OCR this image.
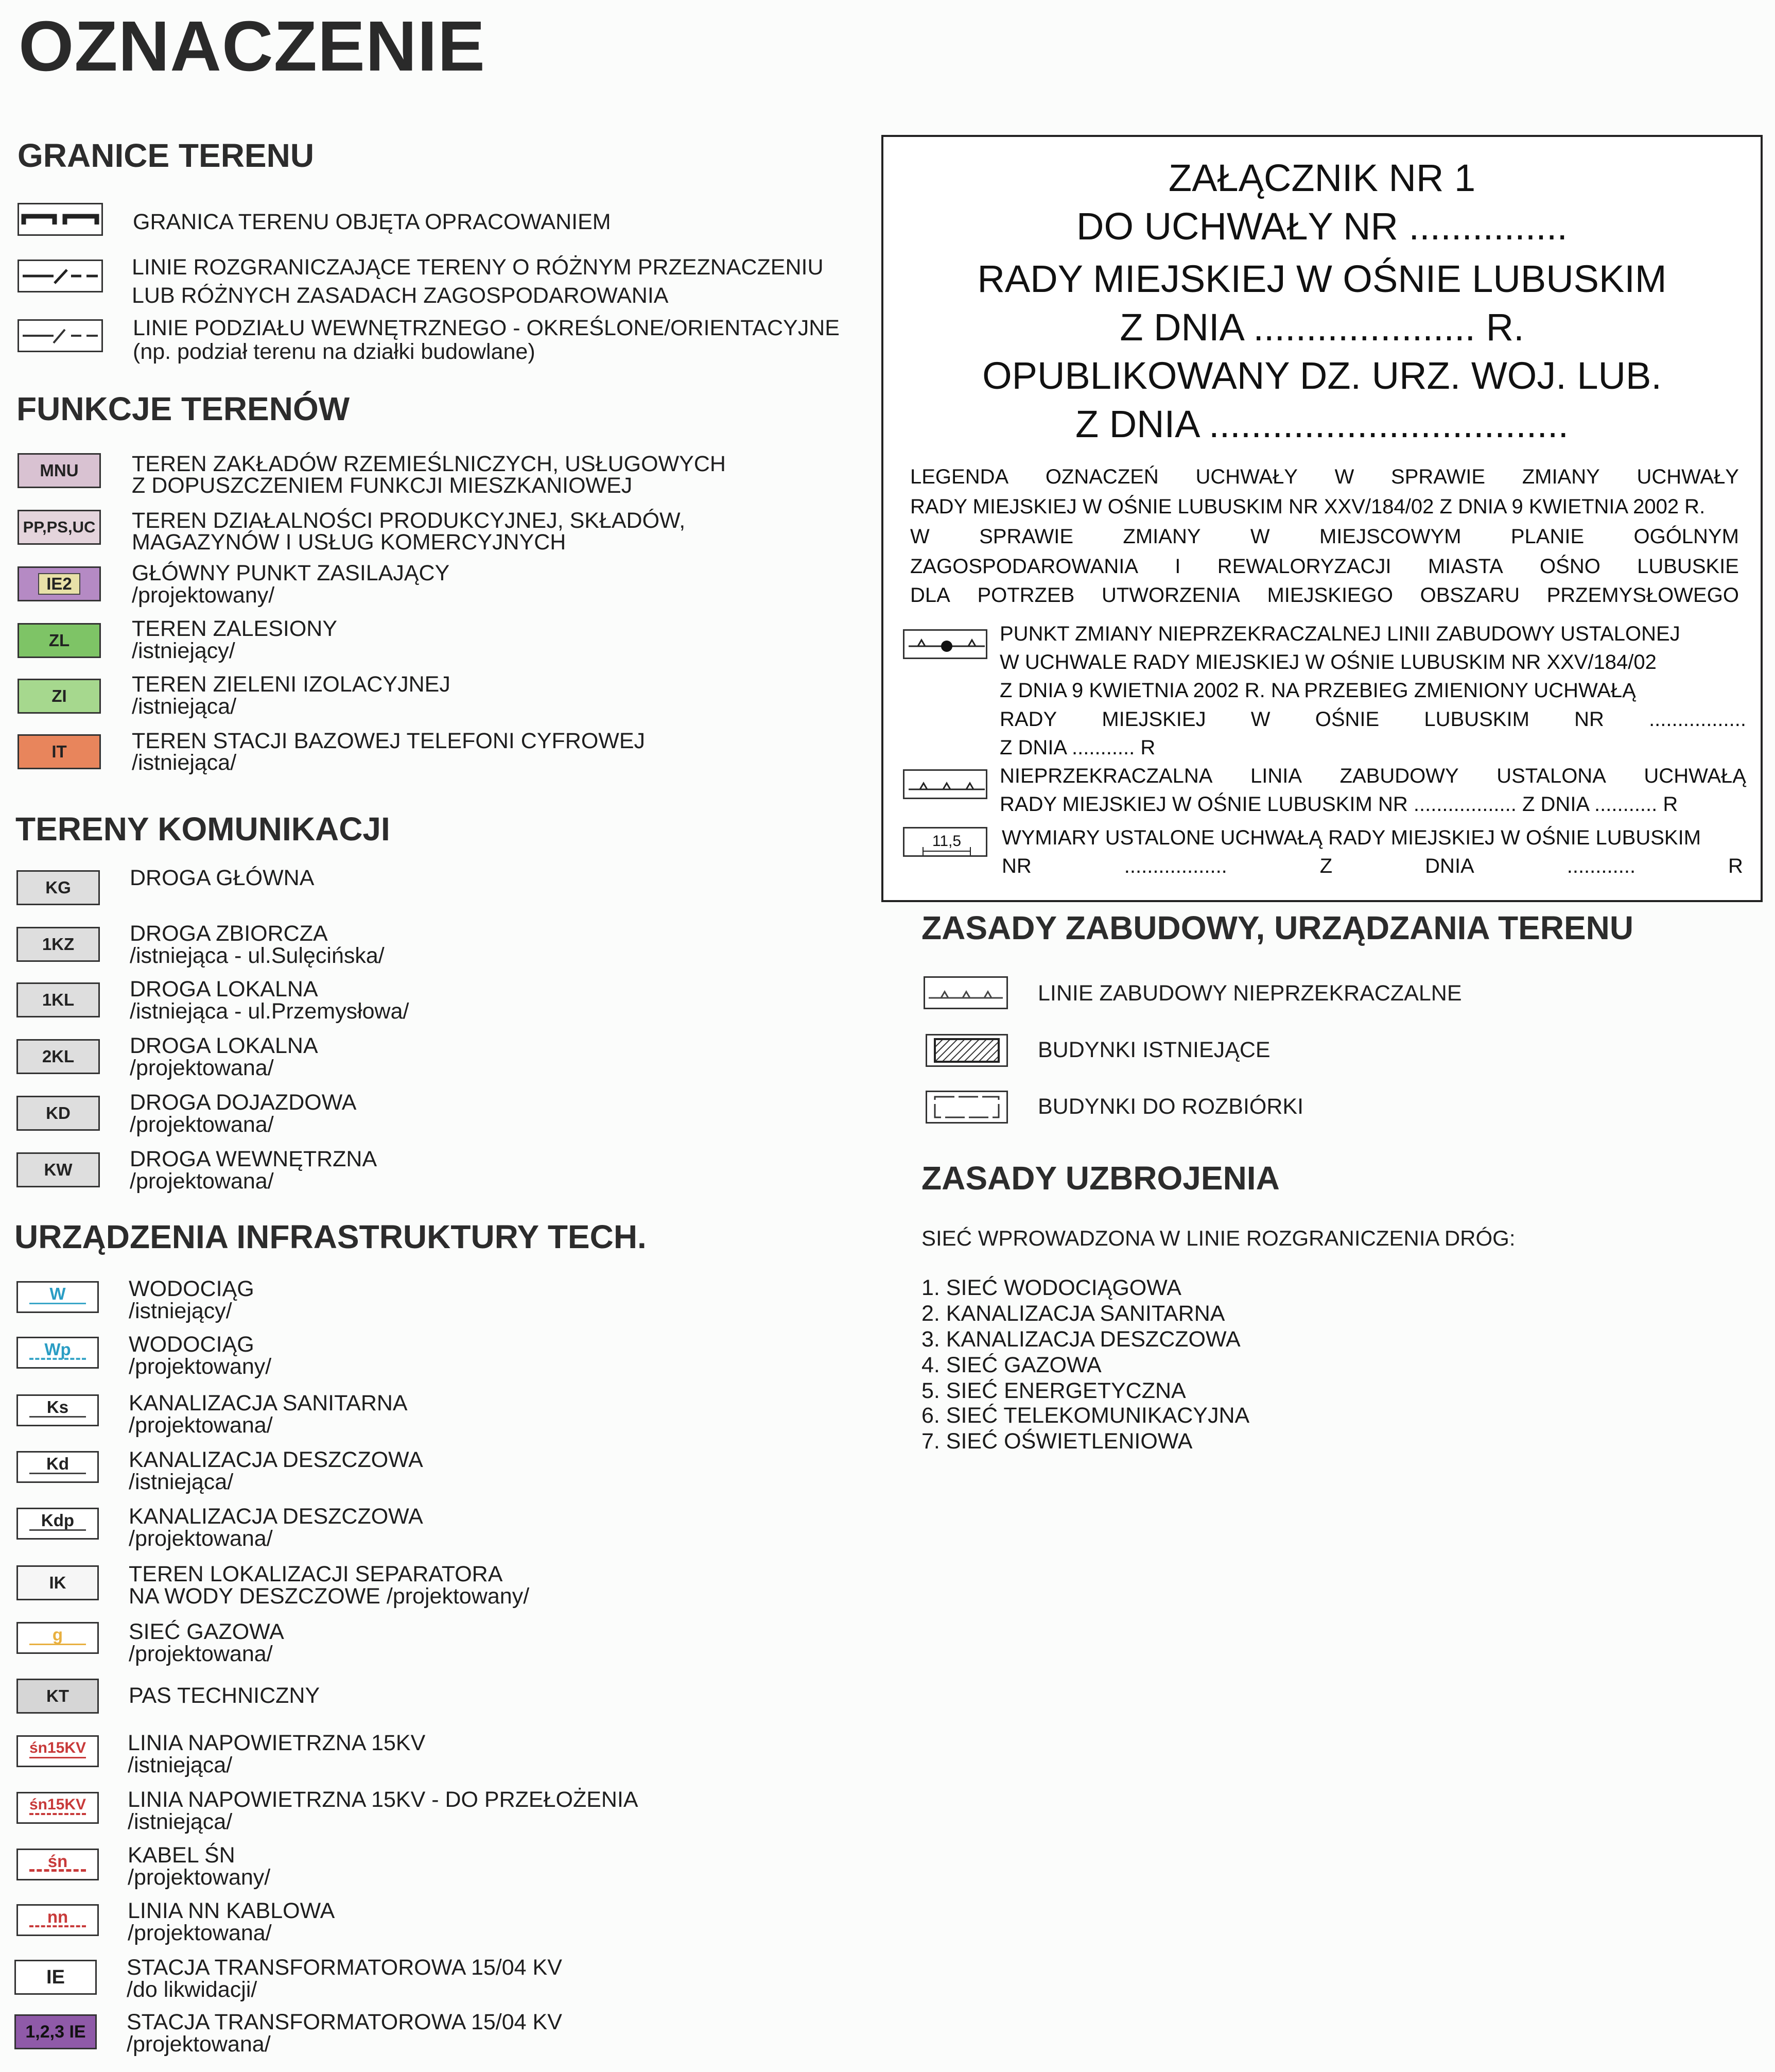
OZNACZENIE
GRANICE TERENU
GRANICA TERENU OBJĘTA OPRACOWANIEM
LINIE ROZGRANICZAJĄCE TERENY O RÓŻNYM PRZEZNACZENIU
LUB RÓŻNYCH ZASADACH ZAGOSPODAROWANIA
LINIE PODZIAŁU WEWNĘTRZNEGO - OKREŚLONE/ORIENTACYJNE
(np. podział terenu na działki budowlane)
FUNKCJE TERENÓW
MNU TEREN ZAKŁADÓW RZEMIEŚLNICZYCH, USŁUGOWYCH
Z DOPUSZCZENIEM FUNKCJI MIESZKANIOWEJ
PP,PS,UC TEREN DZIAŁALNOŚCI PRODUKCYJNEJ, SKŁADÓW,
MAGAZYNÓW I USŁUG KOMERCYJNYCH
IE2	GŁÓWNY PUNKT ZASILAJĄCY
/projektowany/
ZL	TEREN ZALESIONY
/istniejący/
ZI	TEREN ZIELENI IZOLACYJNEJ
/istniejąca/
IT	TEREN STACJI BAZOWEJ TELEFONI CYFROWEJ
/istniejąca/
TERENY KOMUNIKACJI
KG	DROGA GŁÓWNA
1KZ	DROGA ZBIORCZA
/istniejąca - ul.Sulęcińska/
1KL	DROGA LOKALNA
/istniejąca - ul.Przemysłowa/
2KL	DROGA LOKALNA
/projektowana/
KD	DROGA DOJAZDOWA
/projektowana/
KW	DROGA WEWNĘTRZNA
/projektowana/
URZĄDZENIA INFRASTRUKTURY TECH.
W	WODOCIĄG
/istniejący/
Wp	WODOCIĄG
/projektowany/
Ks	KANALIZACJA SANITARNA
/projektowana/
Kd	KANALIZACJA DESZCZOWA
/istniejąca/
Kdp KANALIZACJA DESZCZOWA
/projektowana/
IK	TEREN LOKALIZACJI SEPARATORA
NA WODY DESZCZOWE /projektowany/
g	SIEĆ GAZOWA
/projektowana/
KT	PAS TECHNICZNY
śn15KV LINIA NAPOWIETRZNA 15KV
/istniejąca/
śn15KV LINIA NAPOWIETRZNA 15KV - DO PRZEŁOŻENIA
/istniejąca/
śn	KABEL ŚN
/projektowany/
nn	LINIA NN KABLOWA
/projektowana/
IE	STACJA TRANSFORMATOROWA 15/04 KV
/do likwidacji/
1,2,3 IE STACJA TRANSFORMATOROWA 15/04 KV
/projektowana/
ZAŁĄCZNIK NR 1
DO UCHWAŁY NR ...............
RADY MIEJSKIEJ W OŚNIE LUBUSKIM
Z DNIA ..................... R.
OPUBLIKOWANY DZ. URZ. WOJ. LUB.
Z DNIA ..................................
LEGENDA OZNACZEŃ UCHWAŁY W SPRAWIE ZMIANY UCHWAŁY
RADY MIEJSKIEJ W OŚNIE LUBUSKIM NR XXV/184/02 Z DNIA 9 KWIETNIA 2002 R.
W SPRAWIE ZMIANY W MIEJSCOWYM PLANIE OGÓLNYM
ZAGOSPODAROWANIA I REWALORYZACJI MIASTA OŚNO LUBUSKIE
DLA POTRZEB UTWORZENIA MIEJSKIEGO OBSZARU PRZEMYSŁOWEGO
PUNKT ZMIANY NIEPRZEKRACZALNEJ LINII ZABUDOWY USTALONEJ
W UCHWALE RADY MIEJSKIEJ W OŚNIE LUBUSKIM NR XXV/184/02
Z DNIA 9 KWIETNIA 2002 R. NA PRZEBIEG ZMIENIONY UCHWAŁĄ
RADY MIEJSKIEJ W OŚNIE LUBUSKIM NR .................
Z DNIA ........... R
NIEPRZEKRACZALNA LINIA ZABUDOWY USTALONA UCHWAŁĄ
RADY MIEJSKIEJ W OŚNIE LUBUSKIM NR .................. Z DNIA ........... R
11,5 WYMIARY USTALONE UCHWAŁĄ RADY MIEJSKIEJ W OŚNIE LUBUSKIM
NR	..................	Z	DNIA	............	R
ZASADY ZABUDOWY, URZĄDZANIA TERENU
LINIE ZABUDOWY NIEPRZEKRACZALNE
BUDYNKI ISTNIEJĄCE
BUDYNKI DO ROZBIÓRKI
ZASADY UZBROJENIA
SIEĆ WPROWADZONA W LINIE ROZGRANICZENIA DRÓG:
1. SIEĆ WODOCIĄGOWA
2. KANALIZACJA SANITARNA
3. KANALIZACJA DESZCZOWA
4. SIEĆ GAZOWA
5. SIEĆ ENERGETYCZNA
6. SIEĆ TELEKOMUNIKACYJNA
7. SIEĆ OŚWIETLENIOWA
